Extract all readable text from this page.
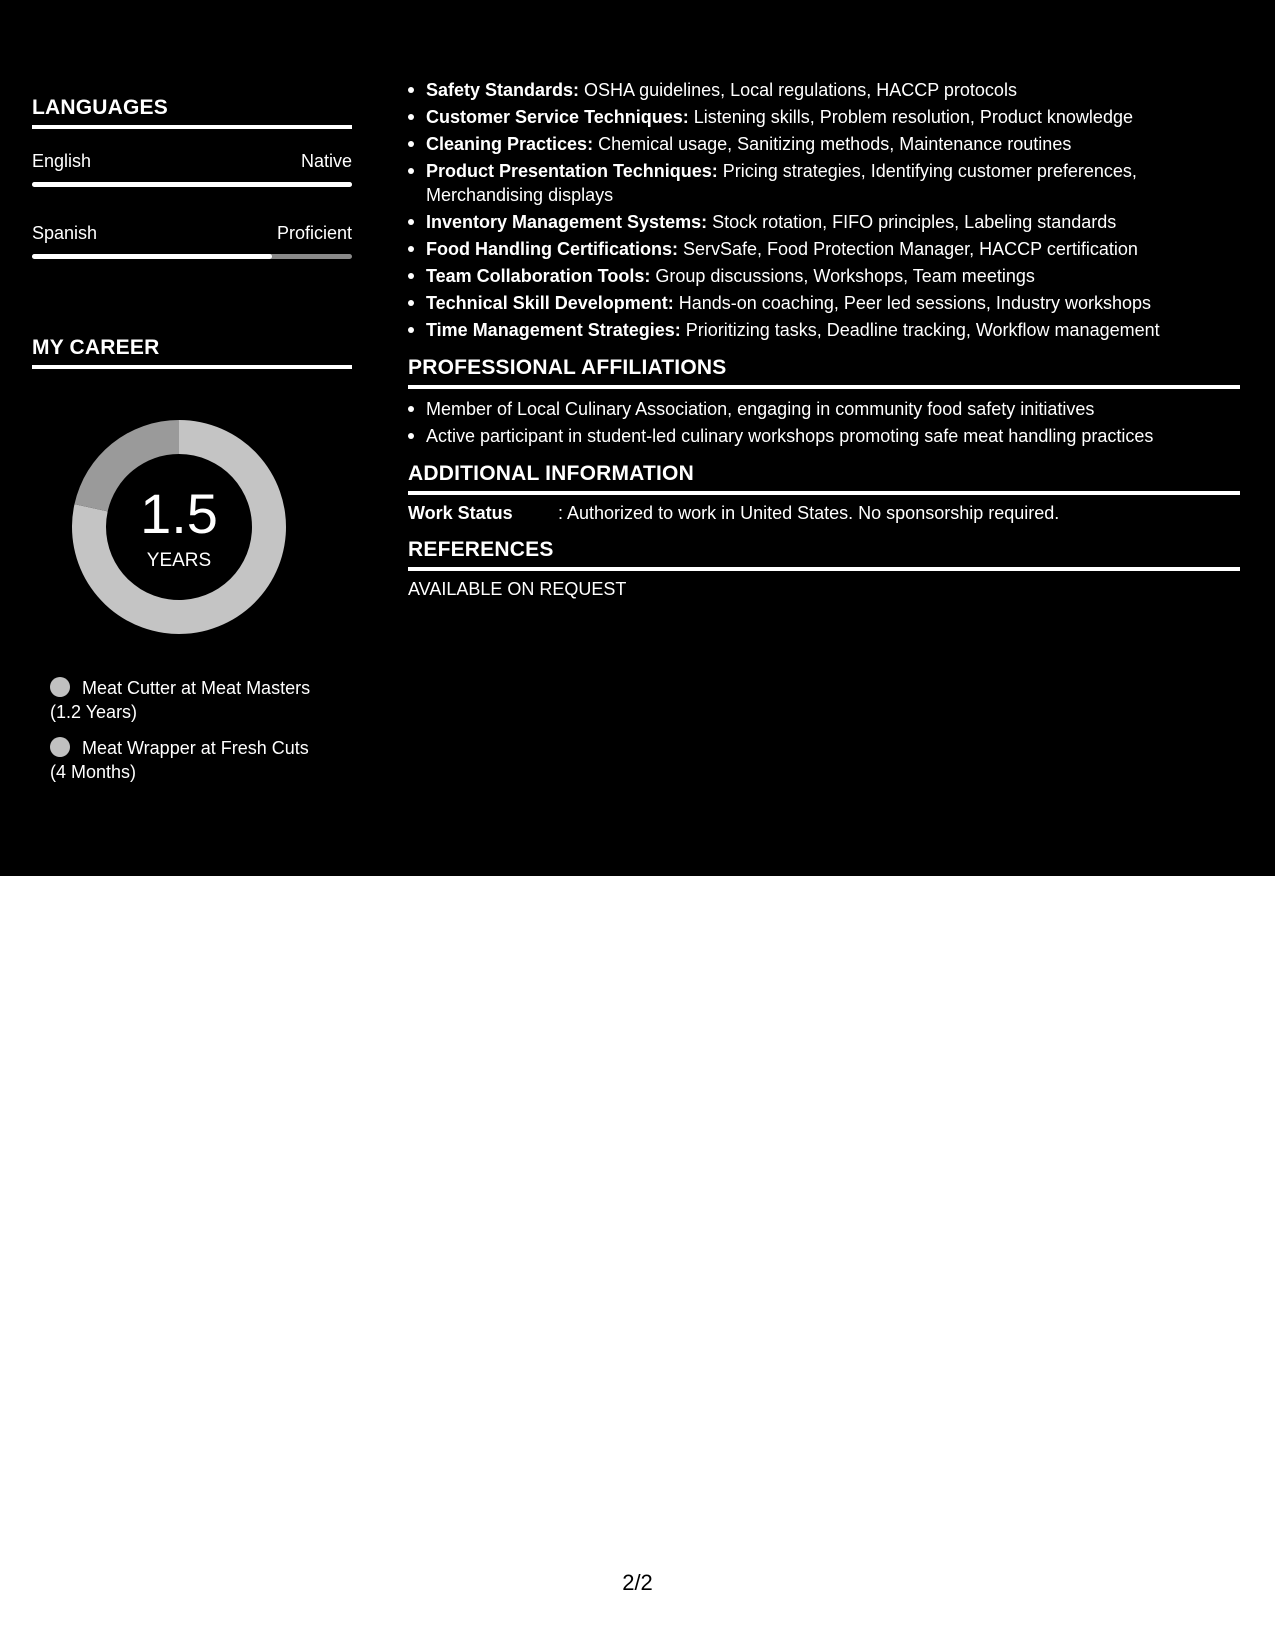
LANGUAGES
English	Native
Spanish	Proficient
MY CAREER
1.5
YEARS
Meat Cutter at Meat Masters
(1.2 Years)
Meat Wrapper at Fresh Cuts
(4 Months)
Safety Standards: OSHA guidelines, Local regulations, HACCP protocols
Customer Service Techniques: Listening skills, Problem resolution, Product knowledge
Cleaning Practices: Chemical usage, Sanitizing methods, Maintenance routines
Product Presentation Techniques: Pricing strategies, Identifying customer preferences, Merchandising displays
Inventory Management Systems: Stock rotation, FIFO principles, Labeling standards
Food Handling Certifications: ServSafe, Food Protection Manager, HACCP certification
Team Collaboration Tools: Group discussions, Workshops, Team meetings
Technical Skill Development: Hands-on coaching, Peer led sessions, Industry workshops
Time Management Strategies: Prioritizing tasks, Deadline tracking, Workflow management
PROFESSIONAL AFFILIATIONS
Member of Local Culinary Association, engaging in community food safety initiatives
Active participant in student-led culinary workshops promoting safe meat handling practices
ADDITIONAL INFORMATION
Work Status	: Authorized to work in United States. No sponsorship required.
REFERENCES
AVAILABLE ON REQUEST
2/2
